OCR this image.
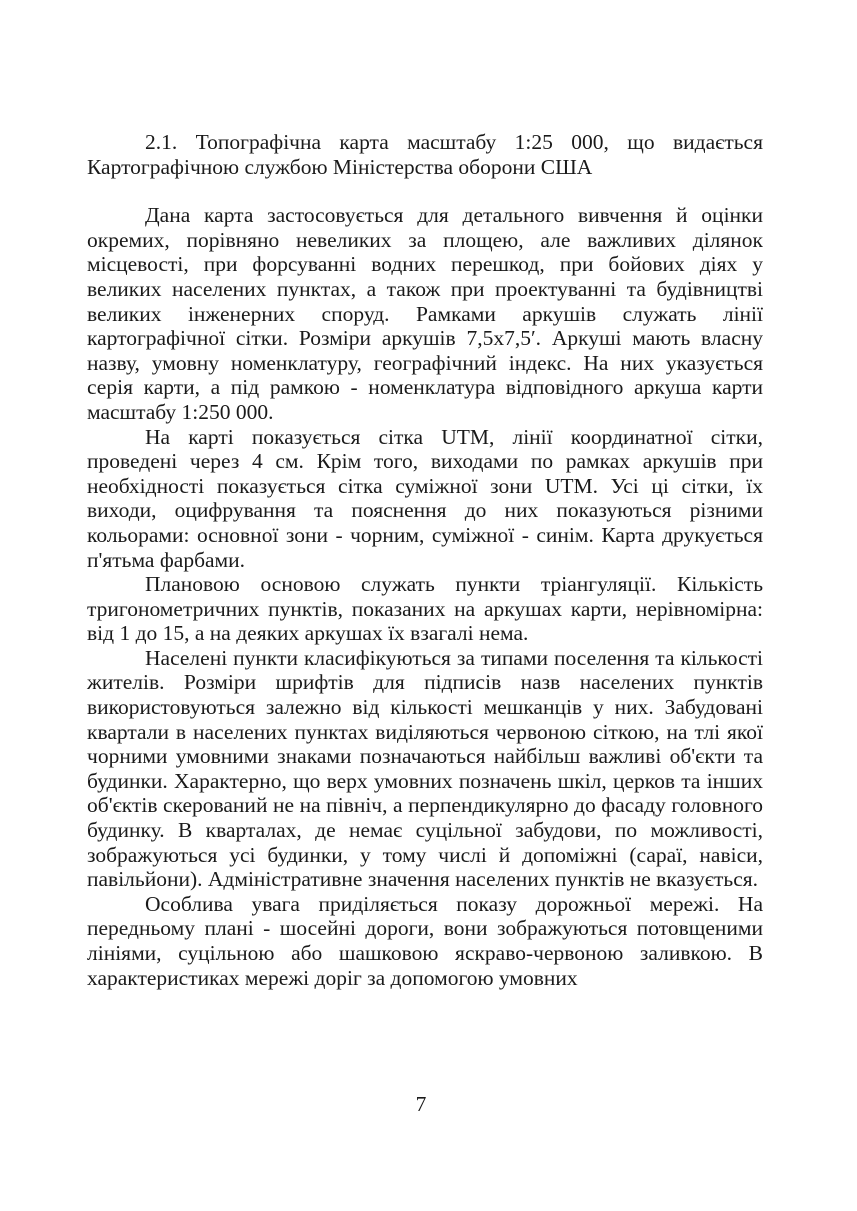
2.1. Топографічна карта масштабу 1:25 000, що видається Картографічною службою Міністерства оборони США

Дана карта застосовується для детального вивчення й оцінки окремих, порівняно невеликих за площею, але важливих ділянок місцевості, при форсуванні водних перешкод, при бойових діях у великих населених пунктах, а також при проектуванні та будівництві великих інженерних споруд. Рамками аркушів служать лінії картографічної сітки. Розміри аркушів 7,5х7,5′. Аркуші мають власну назву, умовну номенклатуру, географічний індекс. На них указується серія карти, а під рамкою - номенклатура відповідного аркуша карти масштабу 1:250 000.

На карті показується сітка UTM, лінії координатної сітки, проведені через 4 см. Крім того, виходами по рамках аркушів при необхідності показується сітка суміжної зони UTM. Усі ці сітки, їх виходи, оцифрування та пояснення до них показуються різними кольорами: основної зони - чорним, суміжної - синім. Карта друкується п'ятьма фарбами.

Плановою основою служать пункти тріангуляції. Кількість тригонометричних пунктів, показаних на аркушах карти, нерівномірна: від 1 до 15, а на деяких аркушах їх взагалі нема.

Населені пункти класифікуються за типами поселення та кількості жителів. Розміри шрифтів для підписів назв населених пунктів використовуються залежно від кількості мешканців у них. Забудовані квартали в населених пунктах виділяються червоною сіткою, на тлі якої чорними умовними знаками позначаються найбільш важливі об'єкти та будинки. Характерно, що верх умовних позначень шкіл, церков та інших об'єктів скерований не на північ, а перпендикулярно до фасаду головного будинку. В кварталах, де немає суцільної забудови, по можливості, зображуються усі будинки, у тому числі й допоміжні (сараї, навіси, павільйони). Адміністративне значення населених пунктів не вказується.

Особлива увага приділяється показу дорожньої мережі. На передньому плані - шосейні дороги, вони зображуються потовщеними лініями, суцільною або шашковою яскраво-червоною заливкою. В характеристиках мережі доріг за допомогою умовних

7
